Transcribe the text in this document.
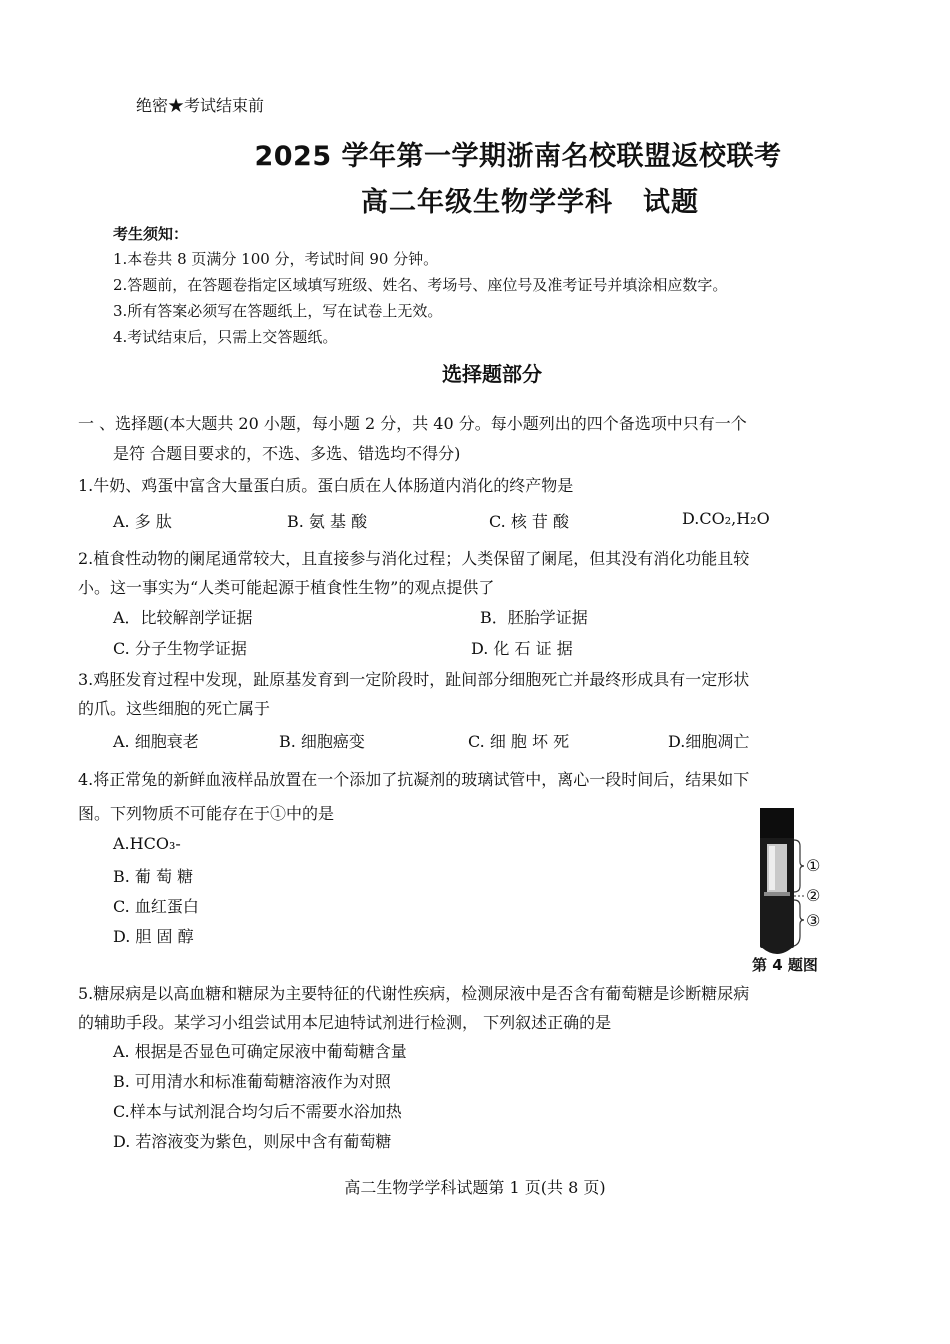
绝密★考试结束前
2025 学年第一学期浙南名校联盟返校联考
高二年级生物学学科 试题
考生须知：
1.本卷共 8 页满分 100 分，考试时间 90 分钟。
2.答题前，在答题卷指定区域填写班级、姓名、考场号、座位号及准考证号并填涂相应数字。
3.所有答案必须写在答题纸上，写在试卷上无效。
4.考试结束后，只需上交答题纸。
选择题部分
一 、选择题(本大题共 20 小题，每小题 2 分，共 40 分。每小题列出的四个备选项中只有一个
是符 合题目要求的，不选、多选、错选均不得分)
1.牛奶、鸡蛋中富含大量蛋白质。蛋白质在人体肠道内消化的终产物是
A. 多 肽	B. 氨 基 酸	C. 核 苷 酸	D.CO₂,H₂O
2.植食性动物的阑尾通常较大，且直接参与消化过程；人类保留了阑尾，但其没有消化功能且较
小。这一事实为“人类可能起源于植食性生物”的观点提供了
A．比较解剖学证据	B．胚胎学证据
C. 分子生物学证据	D. 化 石 证 据
3.鸡胚发育过程中发现，趾原基发育到一定阶段时，趾间部分细胞死亡并最终形成具有一定形状
的爪。这些细胞的死亡属于
A. 细胞衰老	B. 细胞癌变	C. 细 胞 坏 死	D.细胞凋亡
4.将正常兔的新鲜血液样品放置在一个添加了抗凝剂的玻璃试管中，离心一段时间后，结果如下
图。下列物质不可能存在于①中的是
A.HCO₃-
B. 葡 萄 糖
C. 血红蛋白
D. 胆 固 醇
①
②
③
第 4 题图
5.糖尿病是以高血糖和糖尿为主要特征的代谢性疾病，检测尿液中是否含有葡萄糖是诊断糖尿病
的辅助手段。某学习小组尝试用本尼迪特试剂进行检测， 下列叙述正确的是
A. 根据是否显色可确定尿液中葡萄糖含量
B. 可用清水和标准葡萄糖溶液作为对照
C.样本与试剂混合均匀后不需要水浴加热
D. 若溶液变为紫色，则尿中含有葡萄糖
高二生物学学科试题第 1 页(共 8 页)
